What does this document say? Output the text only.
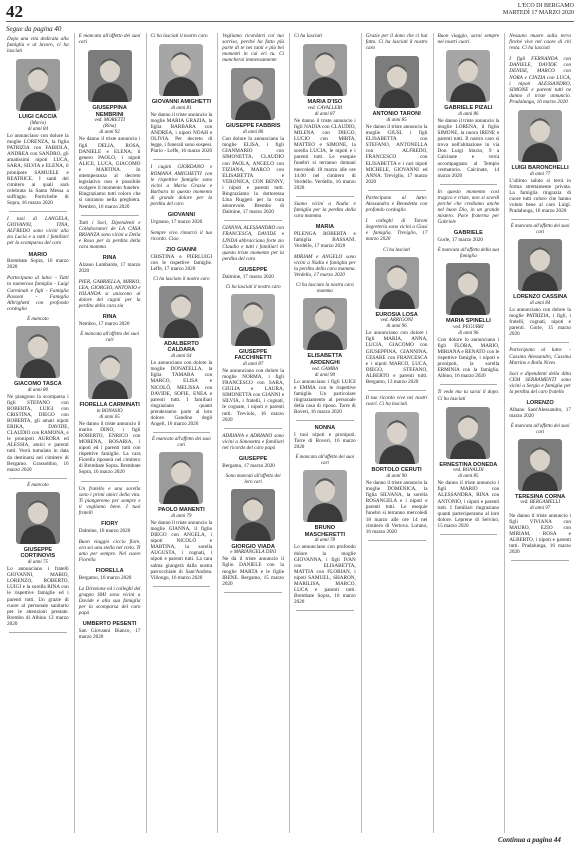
42	L'ECO DI BERGAMO
MARTEDÌ 17 MARZO 2020
Segue da pagina 40
Continua a pagina 44
Dopo una vita dedicata alla famiglia e al lavoro, ci ha lasciati
LUIGI CACCIA
(Mario)
di anni 84
Lo annunciano con dolore la moglie LORENZA, la figlia PATRIZIA con FABIOLA, ANDREA con SANDRO, gli amatissimi nipoti LUCA, SARA, SILVIA e ELENA, il pronipote SAMUELE e BEATRICE. I santi del cimitero ai quali sarà celebrata la Santa Messa a suffragio. Portichelle di Sopra, 16 marzo 2020
I tuoi di LANGELA, GIOVANNI, TINA, ALFREDO sono vicini alla zia Lucia e a tutti i familiari per la scomparsa del caro
MARIO
Brembate Sopra, 16 marzo 2020
Partecipano al lutto: - Tutti la numerosa famiglia - Luigi Carminati e figli - Famiglia Passoni - Famiglia Albrighetti con profondo cordoglio
È mancato
GIACOMO TASCA
di anni 80
Ne piangono la scomparsa i figli STEFANO con ROBERTA, LUIGI con CRISTINA, DIEGO con ROBERTA, gli amati nipoti ERIKA, DAVIDE, CLAUDIO con RAMONA, e le pronipoti AURORA ed ALESSIA, amici e parenti tutti. Verrà tumulato in data da destinarsi nel cimitero di Bergamo. Grassobbio, 16 marzo 2020
È mancato
GIUSEPPE CORTINOVIS
di anni 75
Lo annunciano i fratelli GIOVANNI, MARIO, LORENZO, ROBERTO, LUIGI e la sorella RINA con le rispettive famiglie ed i parenti tutti. Un grazie di cuore al personale sanitario per le attenzioni prestate. Brembo di Albino 12 marzo 2020
È mancata all'affetto dei suoi cari
GIUSEPPINA NEMBRINI
ved. MORETTI
(Rina)
di anni 92
Ne danno il triste annuncio i figli DELIA, ROSA, DANIELE e ELENA, il genero PAOLO, i nipoti ALICE, LUCA, GIACOMO e MARTINA. In ottemperanza al decreto legislativo non è possibile svolgere il momento funebre. Ringraziamo tutti coloro che si uniranno nella preghiera. Nembro, 16 marzo 2020
Tutti i Soci, Dipendenti e Collaboratori de LA CASA BRIANZA sono vicini a Delia e Rosa per la perdita della cara mamma
RINA
Alzano Lombardo, 17 marzo 2020
PIER, GABRIELLA, MIRKO, LEA, GIORGIO, ANTONIO e IOLANDA si uniscono al dolore dei cugini per la perdita della cara zia
RINA
Nembro, 17 marzo 2020
È mancata all'affetto dei suoi cari
FIORELLA CARMINATI
in BONASIO
di anni 65
Ne danno il triste annuncio il marito DINO, i figli ROBERTO, ENRICO con MORENA, ROSARIA, i nipoti ed i parenti tutti con rispettive famiglie. La cara Fiorella riposerà nel cimitero di Brembate Sopra. Brembate Sopra, 16 marzo 2020
Un fratello e una sorella sono i primi amici della vita. Ti piangeremo per sempre e ti vogliamo bene. I tuoi fratelli
FIORY
Dalmine, 16 marzo 2020
Buon viaggio ciccio fiore, ora sei una stella nel cielo. Ti amo per sempre. Nel cuore Fiorella
FIORELLA
Bergamo, 16 marzo 2020
La Direzione ed i colleghi del gruppo SMI sono vicini a Davide e alla sua famiglia per la scomparsa del caro papà
UMBERTO PESENTI
San Giovanni Bianco, 17 marzo 2020
Ci ha lasciati il nostro caro
GIOVANNI AMIGHETTI
di anni 81
Ne danno il triste annuncio la moglie MARIA GRAZIA, la figlia BARBARA con ANDREA, i nipoti NOAH e OLIVIA. Per decreto di legge, i funerali sono sospesi. Piario - Leffe, 16 marzo 2020
I cugini GIORDANO e ROMANA AMIGHETTI con le rispettive famiglie sono vicini a Maria Grazia e Barbara in questo momento di grande dolore per la perdita del caro
GIOVANNI
Urgnano, 17 marzo 2020
Sempre vivo rimarrà il tuo ricordo. Ciao
ZIO GIANNI
CRISTINA e PIERLUIGI con le rispettive famiglie. Leffe, 17 marzo 2020
Ci ha lasciato il nostro caro
ADALBERTO CALDARA
di anni 64
Lo annunciano con dolore la moglie DONATELLA, la figlia TAMARA con MARCO, ELISA e NICOLÒ, MELISSA con DAVIDE, SOFIE, ENEA e parenti tutti. I familiari ringraziano quanti prenderanno parte al loro dolore. Gandino degli Angeli, 16 marzo 2020
È mancato all'affetto dei suoi cari
PAOLO MANENTI
di anni 79
Ne danno il triste annuncio la moglie GIANNA, il figlio DIEGO con ANGELA, i nipoti NICOLÒ e MARTINA, la sorella AUGUSTA, i cognati, i nipoti e parenti tutti. La cara salma giungerà dalla nostra parrocchiale di Sant'Andrea. Villongo, 16 marzo 2020
Vogliamo ricordarti col tuo sorriso, perché ha fatto più parte di te nei tanti e più bei momenti in cui eri tu. Ci mancherai immensamente
GIUSEPPE FABBRIS
di anni 86
Con dolore lo annunciano la moglie ELISA, i figli GIANMARIO con SIMONETTA, CLAUDIO con PAOLA, ANGELO con TIZIANA, MARCO con ELISABETTA e VERONICA, CON BENNY, i nipoti e parenti tutti. Ringraziamo la dottoressa Lina Ruggeri per la cura amorevole. Brembo di Dalmine, 17 marzo 2020
GIANNA, ALESSANDRO con FRANCESCA, DAVIDE e LINDA abbracciano forte zio Claudio e tutti i familiari in questo triste momento per la perdita del caro
GIUSEPPE
Dalmine, 17 marzo 2020
Ci ha lasciati il nostro caro
GIUSEPPE FACCHINETTI
di anni 87
Ne annunciano con dolore la moglie NORMA, i figli FRANCESCO con SARA, GIULIA e LAURA, SIMONETTA con GIANNI e SILVIA, i fratelli, i cognati, le cognate, i nipoti e parenti tutti. Treviolo, 16 marzo 2020
ADRIANA e ADRIANO sono vicini a Simonetta e familiari nel ricordo del caro papà
GIUSEPPE
Bergamo, 17 marzo 2020
Sono mancati all'affetto dei loro cari
GIORGIO VIADA
e MARIANGELA DINI
Ne dà il triste annuncio il figlio DANIELE con la moglie MARTA e le figlie IRENE. Bergamo, 15 marzo 2020
Ci ha lasciati
MARIA D'ISO
ved. CAVALLERI
di anni 87
Ne danno il triste annuncio i figli NADIA con CLAUDIO, MILENA con DIEGO, LUCIO con MIRTA, MATTEO e SIMONE, la sorella LUCIA, le nipoti e i parenti tutti. Le esequie funebri si terranno domani mercoledì 18 marzo alle ore 14.00 nel cimitero di Verdello. Verdello, 16 marzo 2020
Siamo vicini a Nadia e famiglia per la perdita della cara mamma
MARIA
PILENGA ROBERTA e famiglia BASSANI. Verdello, 17 marzo 2020
MIRIAM e ANGELO sono vicini a Nadia e famiglia per la perdita della cara mamma. Verdello, 17 marzo 2020
Ci ha lasciato la nostra cara mamma
ELISABETTA ARDENGHI
ved. GAMBA
di anni 90
Lo annunciano i figli LUIGI e EMMA con le rispettive famiglie. Un particolare ringraziamento al personale della casa di riposo. Torre di Roveri, 16 marzo 2020
NONNA
I tuoi nipoti e pronipoti. Torre di Roveri, 16 marzo 2020
È mancato all'affetto dei suoi cari
BRUNO MASCHERETTI
di anni 78
Lo annunciano con profondo dolore la moglie GIOVANNA, i figli IVAN con ELISABETTA, MATTIA con FLORIAN, i nipoti SAMUEL, SHARON, MARILISA, MARCO, LUCA e parenti tutti. Brembate Sopra, 16 marzo 2020
Grazie per il dono che ci hai fatto. Ci ha lasciati il nostro caro
ANTONIO TARONI
di anni 85
Ne danno il triste annuncio la moglie GIUSI, i figli ELISABETTA con STEFANO, ANTONELLA con ALFREDO, FRANCESCO con ELISABETTA e i cari nipoti MICHELE, GIOVANNI ed ANNA. Treviglio, 17 marzo 2020
Partecipano al lutto: Alessandra e Benedetta con profondo cordoglio
I colleghi di Taroni Segreteria sono vicini a Giusi e famiglia. Treviglio, 17 marzo 2020
Ci ha lasciati
EUROSIA LOSA
ved. ARRIGONI
di anni 96
Lo annunciano con dolore i figli MARIA, ANNA, LUCIA, GIACOMO con GIUSEPPINA, GIANNINA, CESARE con FRANCESCA e i nipoti MARCO, LUCA, DIEGO, STEFANO, ALBERTO e parenti tutti. Bergamo, 13 marzo 2020
Il tuo ricordo vive nei nostri cuori. Ci ha lasciati
BORTOLO CERUTI
di anni 90
Ne danno il triste annuncio la moglie DOMENICA, la figlia SILVANA, la sorella ROSANGELA e i nipoti e parenti tutti. Le esequie funebri si terranno mercoledì 18 marzo alle ore 14 nel cimitero di Vertova. Lurano, 16 marzo 2020
Buon viaggio, sarai sempre nei nostri cuori.
GABRIELE PIZALI
di anni 86
Ne danno il triste annuncio la moglie LORENA, il figlio SIMONE, la nuora IRENE e parenti tutti. Il nostro caro si trova nell'abitazione in via Don Luigi Sturzo, 9 a Calcinate e verrà accompagnato al Tempio crematorio. Calcinate, 14 marzo 2020
In questo momento così tragico e triste, non si scordi perché che crediamo anche nel buon Dio, in un grande mistero. Pace fraterna per Gabriele
GABRIELE
Gorle, 17 marzo 2020
È mancata all'affetto della sua famiglia
MARIA SPINELLI
ved. PEGURRI
di anni 96
Con dolore lo annunciano i figli FLORA, MARIO, MIRIANA e RENATO con le rispettive famiglie, i nipoti e pronipoti, la sorella ERMINIA con la famiglia. Albino, 16 marzo 2020
Ti vedo ma tu sarai il dopo. Ci ha lasciati
ERNESTINA DONEDA
ved. BONALDI
di anni 85
Ne danno il triste annuncio i figli MARIO con ALESSANDRA, RINA con ANTONIO, i nipoti e parenti tutti. I familiari ringraziano quanti parteciperanno al loro dolore. Leprene di Selvino, 15 marzo 2020
Nessuno muore sulla terra finché vive nel cuore di chi resta. Ci ha lasciati
I figli FERNANDA con DANIELE, DAVIDE con DENISE, MARCO con NORA e CINZIA con LUCA, i nipoti ALESSANDRO, SIMONE e parenti tutti ne danno il triste annuncio. Pradalunga, 16 marzo 2020
LUIGI BARONCHELLI
di anni 77
L'ultimo saluto si terrà in forma strettamente privata. La famiglia ringrazia di cuore tutti coloro che hanno voluto bene al caro Luigi. Pradalunga, 16 marzo 2020
È mancato all'affetto dei suoi cari
LORENZO CASSINA
di anni 84
Lo annunciano con dolore la moglie PATRIZIA, i figli, i fratelli, cognati, nipoti e parenti. Gorle, 15 marzo 2020
Partecipano al lutto: - Cassina Alessandro, Cassina Martino e Bolla Nives
Soci e dipendenti della ditta CEM SERRAMENTI sono vicini a Sergio e famiglia per la perdita del caro fratello
LORENZO
Albano Sant'Alessandro, 17 marzo 2020
È mancata all'affetto dei suoi cari
TERESINA CORNA
ved. BERGAMELLI
di anni 97
Ne danno il triste annuncio i figli VIVIANA con MAURO, EZIO con MIRIAM, ROSA e ALBERTO, i nipoti e parenti tutti. Pradalunga, 16 marzo 2020
